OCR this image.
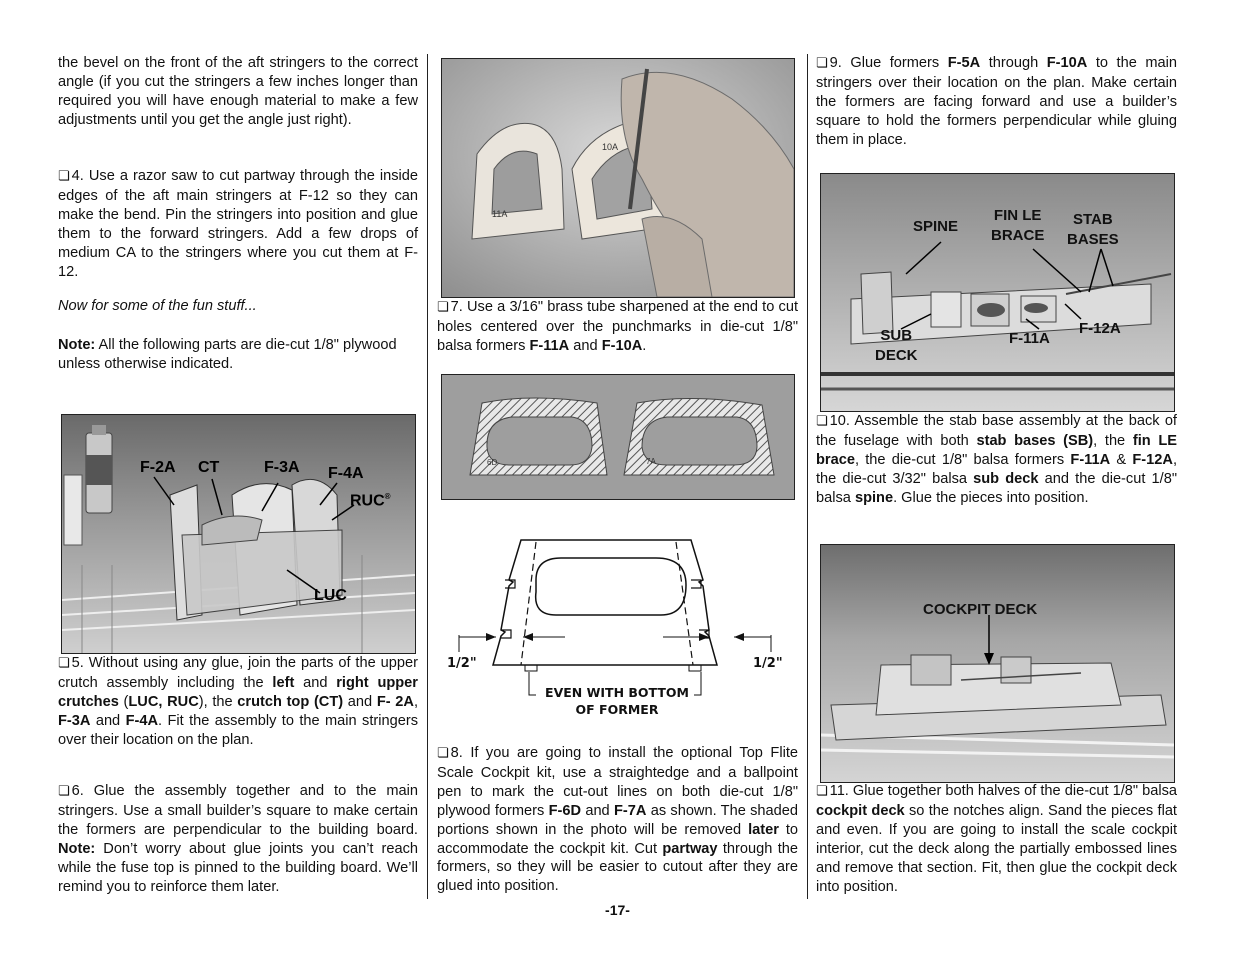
the bevel on the front of the aft stringers to the correct angle (if you cut the stringers a few inches longer than required you will have enough material to make a few adjustments until you get the angle just right).

❏ 4. Use a razor saw to cut partway through the inside edges of the aft main stringers at F-12 so they can make the bend. Pin the stringers into position and glue them to the forward stringers. Add a few drops of medium CA to the stringers where you cut them at F-12.

Now for some of the fun stuff...

Note: All the following parts are die-cut 1/8" plywood unless otherwise indicated.

F-2A CT	F-3A F-4A
RUC®
LUC

❏ 5. Without using any glue, join the parts of the upper crutch assembly including the left and right upper crutches (LUC, RUC), the crutch top (CT) and F- 2A, F-3A and F-4A. Fit the assembly to the main stringers over their location on the plan.

❏ 6. Glue the assembly together and to the main stringers. Use a small builder’s square to make certain the formers are perpendicular to the building board. Note: Don’t worry about glue joints you can’t reach while the fuse top is pinned to the building board. We’ll remind you to reinforce them later.

10A
11A

❏ 7. Use a 3/16" brass tube sharpened at the end to cut holes centered over the punchmarks in die-cut 1/8" balsa formers F-11A and F-10A.

6D	7A
1/2"	1/2"
EVEN WITH BOTTOM
OF FORMER

❏ 8. If you are going to install the optional Top Flite Scale Cockpit kit, use a straightedge and a ballpoint pen to mark the cut-out lines on both die-cut 1/8" plywood formers F-6D and F-7A as shown. The shaded portions shown in the photo will be removed later to accommodate the cockpit kit. Cut partway through the formers, so they will be easier to cutout after they are glued into position.

❏ 9. Glue formers F-5A through F-10A to the main stringers over their location on the plan. Make certain the formers are facing forward and use a builder’s square to hold the formers perpendicular while gluing them in place.

SPINE
FIN LE
BRACE
STAB
BASES
SUB
DECK
F-11A
F-12A

❏ 10. Assemble the stab base assembly at the back of the fuselage with both stab bases (SB), the fin LE brace, the die-cut 1/8" balsa formers F-11A & F-12A, the die-cut 3/32" balsa sub deck and the die-cut 1/8" balsa spine. Glue the pieces into position.

COCKPIT DECK

❏ 11. Glue together both halves of the die-cut 1/8" balsa cockpit deck so the notches align. Sand the pieces flat and even. If you are going to install the scale cockpit interior, cut the deck along the partially embossed lines and remove that section. Fit, then glue the cockpit deck into position.

-17-
